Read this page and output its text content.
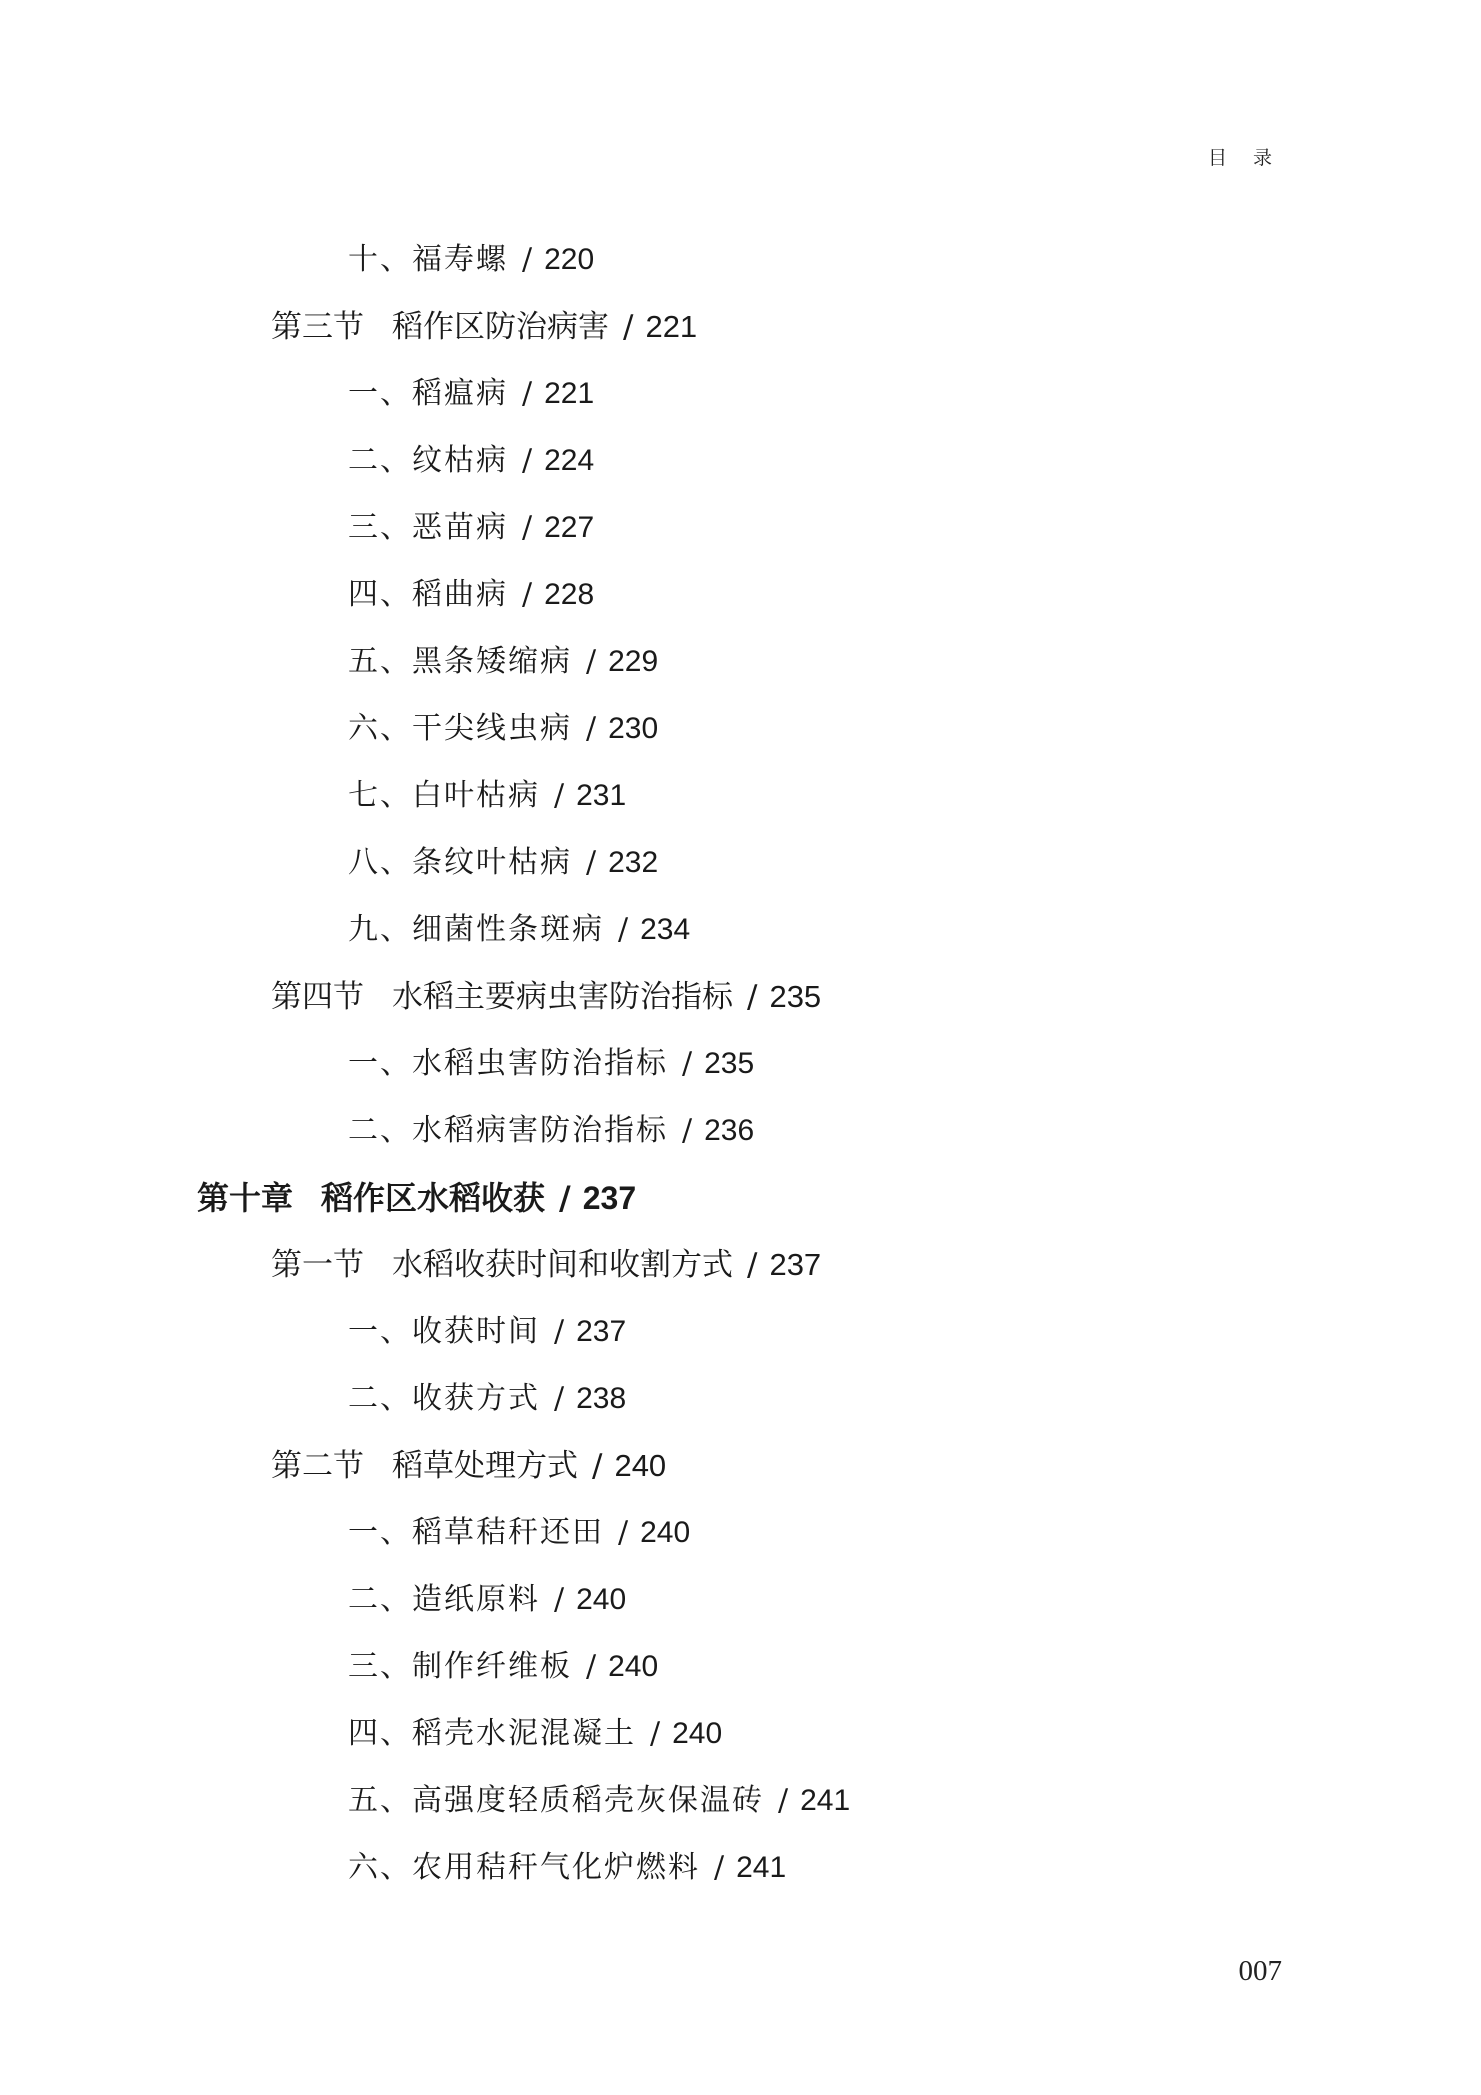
目 录
十、福寿螺 / 220
第三节 稻作区防治病害 / 221
一、稻瘟病 / 221
二、纹枯病 / 224
三、恶苗病 / 227
四、稻曲病 / 228
五、黑条矮缩病 / 229
六、干尖线虫病 / 230
七、白叶枯病 / 231
八、条纹叶枯病 / 232
九、细菌性条斑病 / 234
第四节 水稻主要病虫害防治指标 / 235
一、水稻虫害防治指标 / 235
二、水稻病害防治指标 / 236
第十章 稻作区水稻收获 / 237
第一节 水稻收获时间和收割方式 / 237
一、收获时间 / 237
二、收获方式 / 238
第二节 稻草处理方式 / 240
一、稻草秸秆还田 / 240
二、造纸原料 / 240
三、制作纤维板 / 240
四、稻壳水泥混凝土 / 240
五、高强度轻质稻壳灰保温砖 / 241
六、农用秸秆气化炉燃料 / 241
007
